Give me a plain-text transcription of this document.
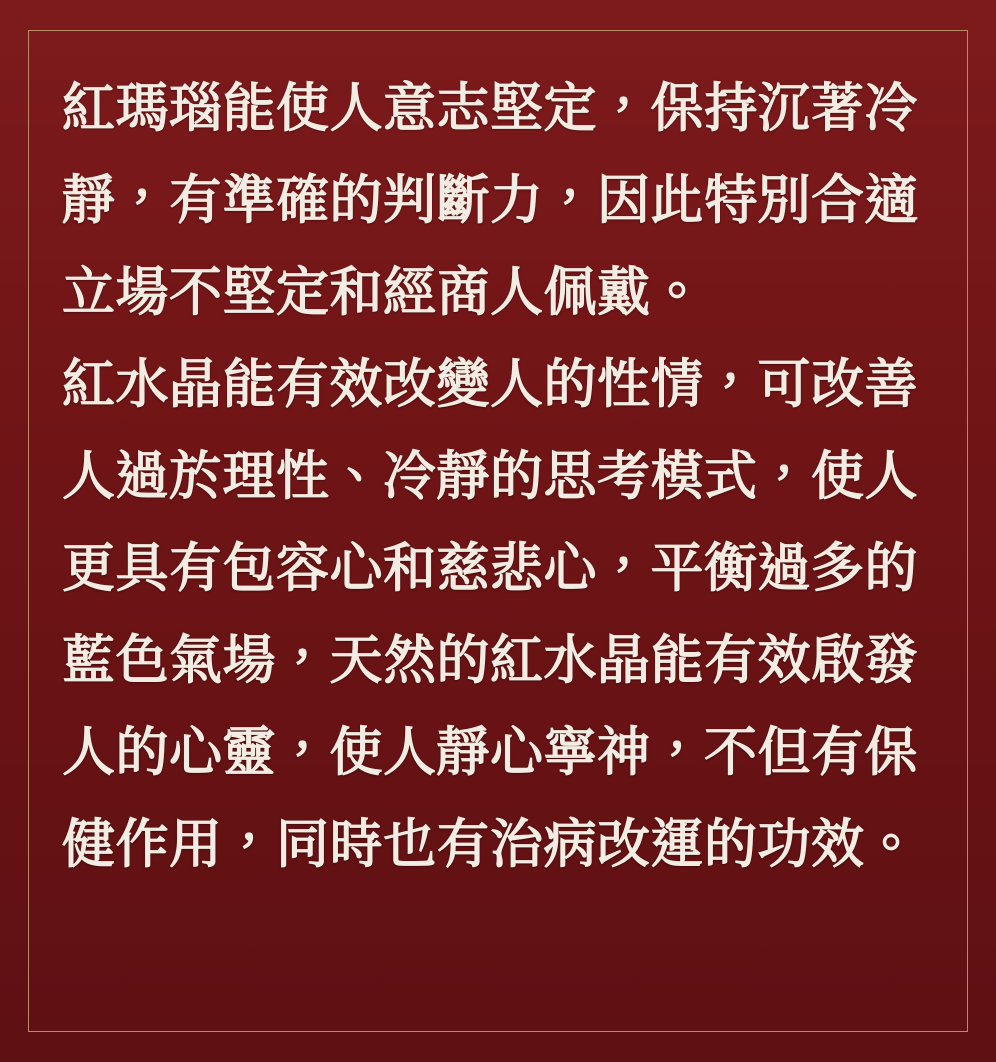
紅瑪瑙能使人意志堅定，保持沉著冷靜，有準確的判斷力，因此特別合適立場不堅定和經商人佩戴。

紅水晶能有效改變人的性情，可改善人過於理性、冷靜的思考模式，使人更具有包容心和慈悲心，平衡過多的藍色氣場，天然的紅水晶能有效啟發人的心靈，使人靜心寧神，不但有保健作用，同時也有治病改運的功效。
